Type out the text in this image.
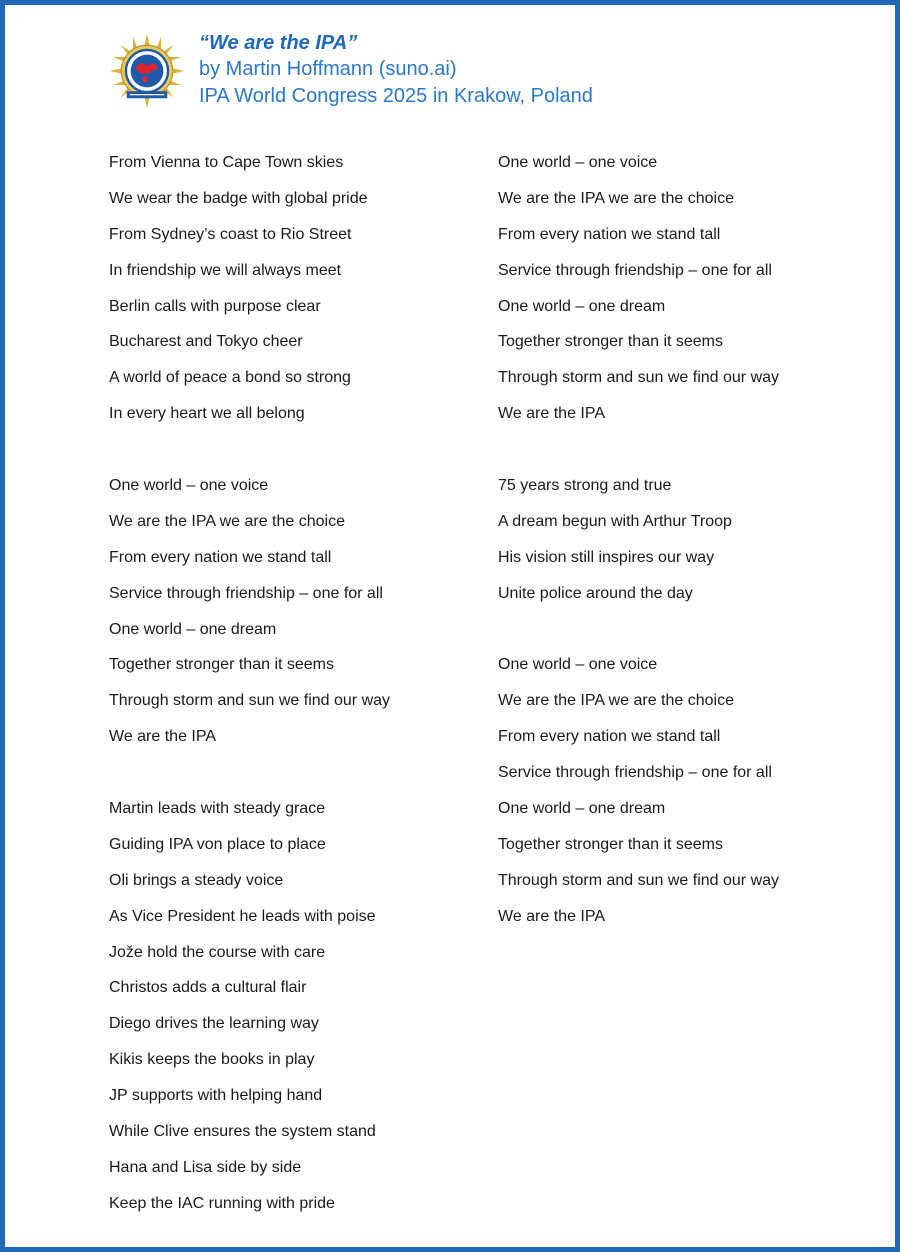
“We are the IPA”
by Martin Hoffmann (suno.ai)
IPA World Congress 2025 in Krakow, Poland
From Vienna to Cape Town skies
We wear the badge with global pride
From Sydney’s coast to Rio Street
In friendship we will always meet
Berlin calls with purpose clear
Bucharest and Tokyo cheer
A world of peace a bond so strong
In every heart we all belong
One world – one voice
We are the IPA we are the choice
From every nation we stand tall
Service through friendship – one for all
One world – one dream
Together stronger than it seems
Through storm and sun we find our way
We are the IPA
Martin leads with steady grace
Guiding IPA von place to place
Oli brings a steady voice
As Vice President he leads with poise
Jože hold the course with care
Christos adds a cultural flair
Diego drives the learning way
Kikis keeps the books in play
JP supports with helping hand
While Clive ensures the system stand
Hana and Lisa side by side
Keep the IAC running with pride
One world – one voice
We are the IPA we are the choice
From every nation we stand tall
Service through friendship – one for all
One world – one dream
Together stronger than it seems
Through storm and sun we find our way
We are the IPA
75 years strong and true
A dream begun with Arthur Troop
His vision still inspires our way
Unite police around the day
One world – one voice
We are the IPA we are the choice
From every nation we stand tall
Service through friendship – one for all
One world – one dream
Together stronger than it seems
Through storm and sun we find our way
We are the IPA
